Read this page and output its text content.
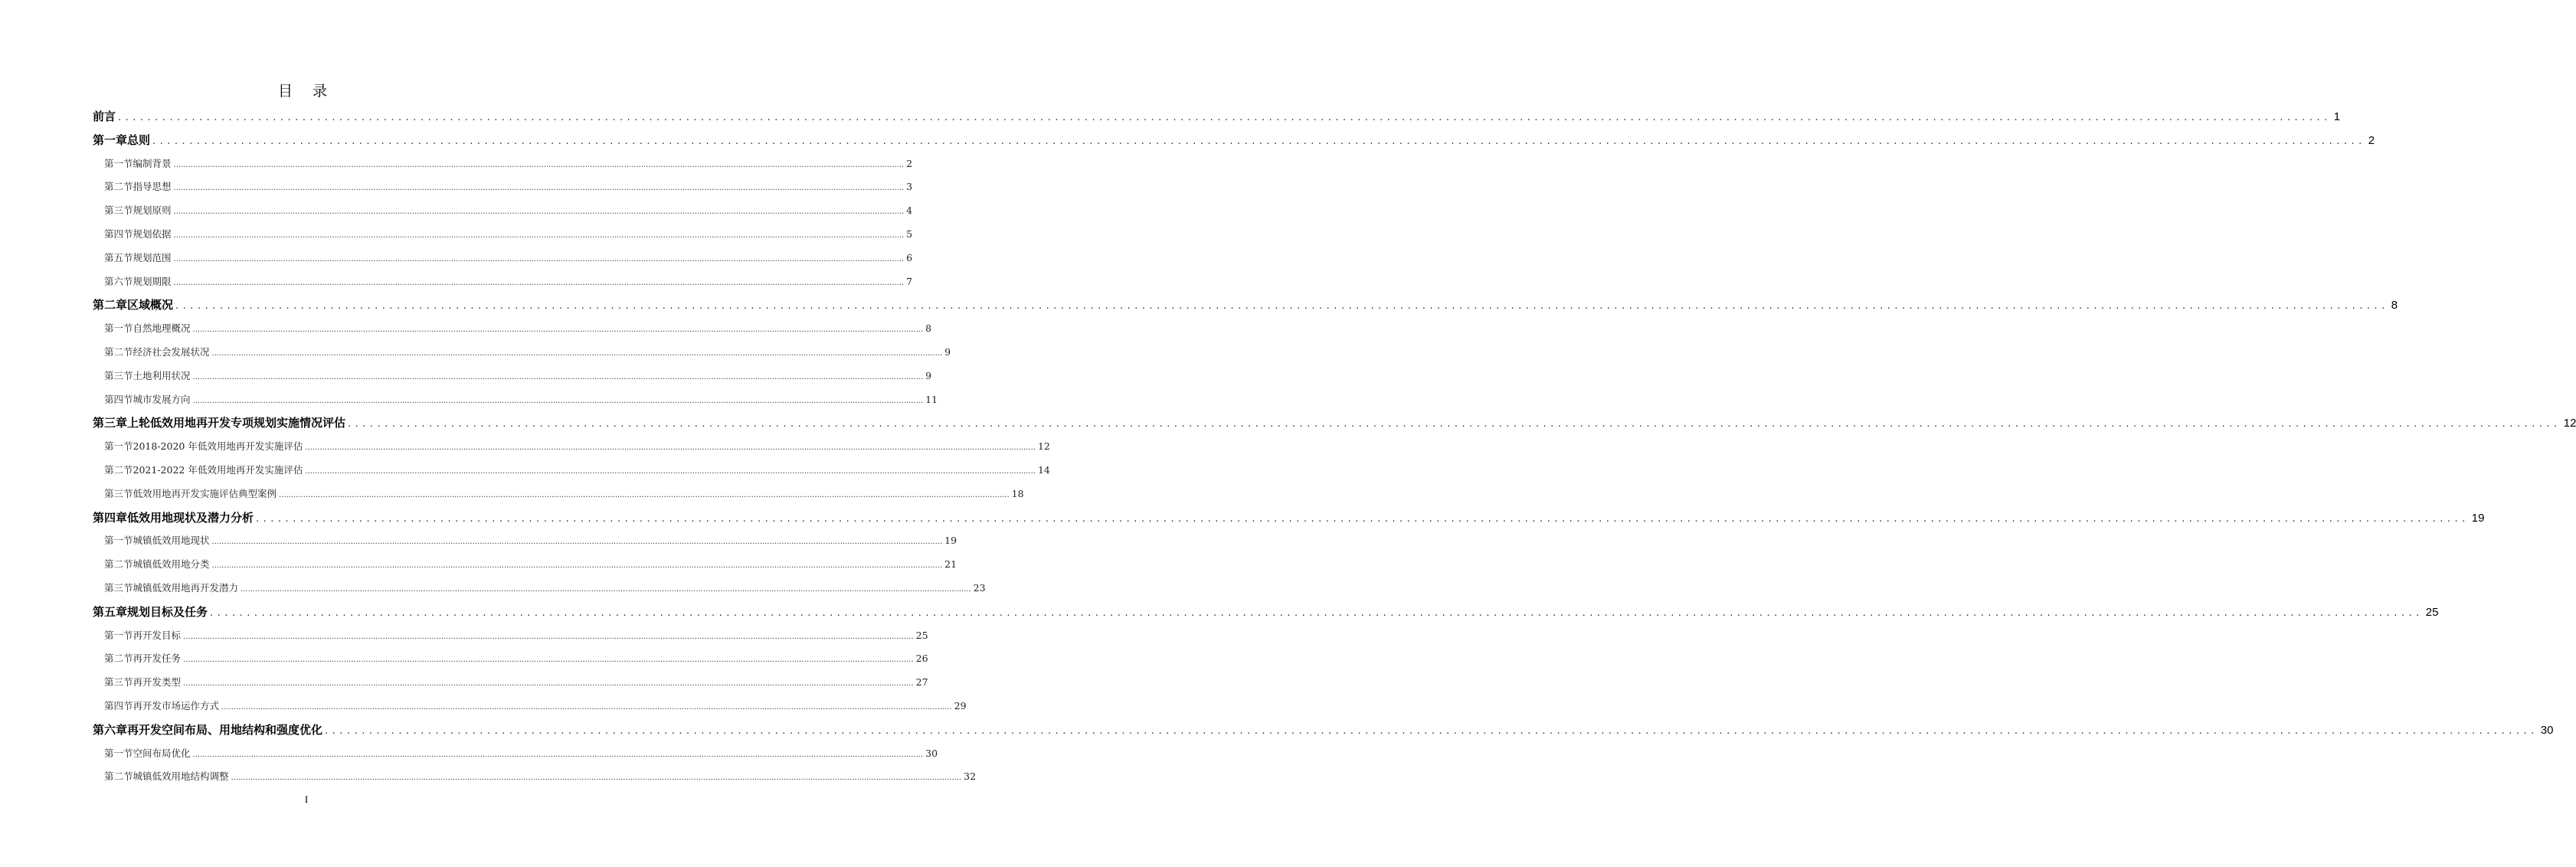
目 录
前言 ............................................................................................................................................................................................................................................................................................................ 1
第一章 总则 ............................................................................................................................................................................................................................................................................................................ 2
第一节 编制背景 ............................................................................................................................................................................................................................................................................................................ 2
第二节 指导思想 ............................................................................................................................................................................................................................................................................................................ 3
第三节 规划原则 ............................................................................................................................................................................................................................................................................................................ 4
第四节 规划依据 ............................................................................................................................................................................................................................................................................................................ 5
第五节 规划范围 ............................................................................................................................................................................................................................................................................................................ 6
第六节 规划期限 ............................................................................................................................................................................................................................................................................................................ 7
第二章 区域概况 ............................................................................................................................................................................................................................................................................................................ 8
第一节 自然地理概况 ............................................................................................................................................................................................................................................................................................................ 8
第二节 经济社会发展状况 ............................................................................................................................................................................................................................................................................................................ 9
第三节 土地利用状况 ............................................................................................................................................................................................................................................................................................................ 9
第四节 城市发展方向 ............................................................................................................................................................................................................................................................................................................ 11
第三章 上轮低效用地再开发专项规划实施情况评估 ............................................................................................................................................................................................................................................................................................................ 12
第一节 2018-2020 年低效用地再开发实施评估 ............................................................................................................................................................................................................................................................................................................ 12
第二节 2021-2022 年低效用地再开发实施评估 ............................................................................................................................................................................................................................................................................................................ 14
第三节 低效用地再开发实施评估典型案例 ............................................................................................................................................................................................................................................................................................................ 18
第四章 低效用地现状及潜力分析 ............................................................................................................................................................................................................................................................................................................ 19
第一节 城镇低效用地现状 ............................................................................................................................................................................................................................................................................................................ 19
第二节 城镇低效用地分类 ............................................................................................................................................................................................................................................................................................................ 21
第三节 城镇低效用地再开发潜力 ............................................................................................................................................................................................................................................................................................................ 23
第五章 规划目标及任务 ............................................................................................................................................................................................................................................................................................................ 25
第一节 再开发目标 ............................................................................................................................................................................................................................................................................................................ 25
第二节 再开发任务 ............................................................................................................................................................................................................................................................................................................ 26
第三节 再开发类型 ............................................................................................................................................................................................................................................................................................................ 27
第四节 再开发市场运作方式 ............................................................................................................................................................................................................................................................................................................ 29
第六章 再开发空间布局、用地结构和强度优化 ............................................................................................................................................................................................................................................................................................................ 30
第一节 空间布局优化 ............................................................................................................................................................................................................................................................................................................ 30
第二节 城镇低效用地结构调整 ............................................................................................................................................................................................................................................................................................................ 32
I
